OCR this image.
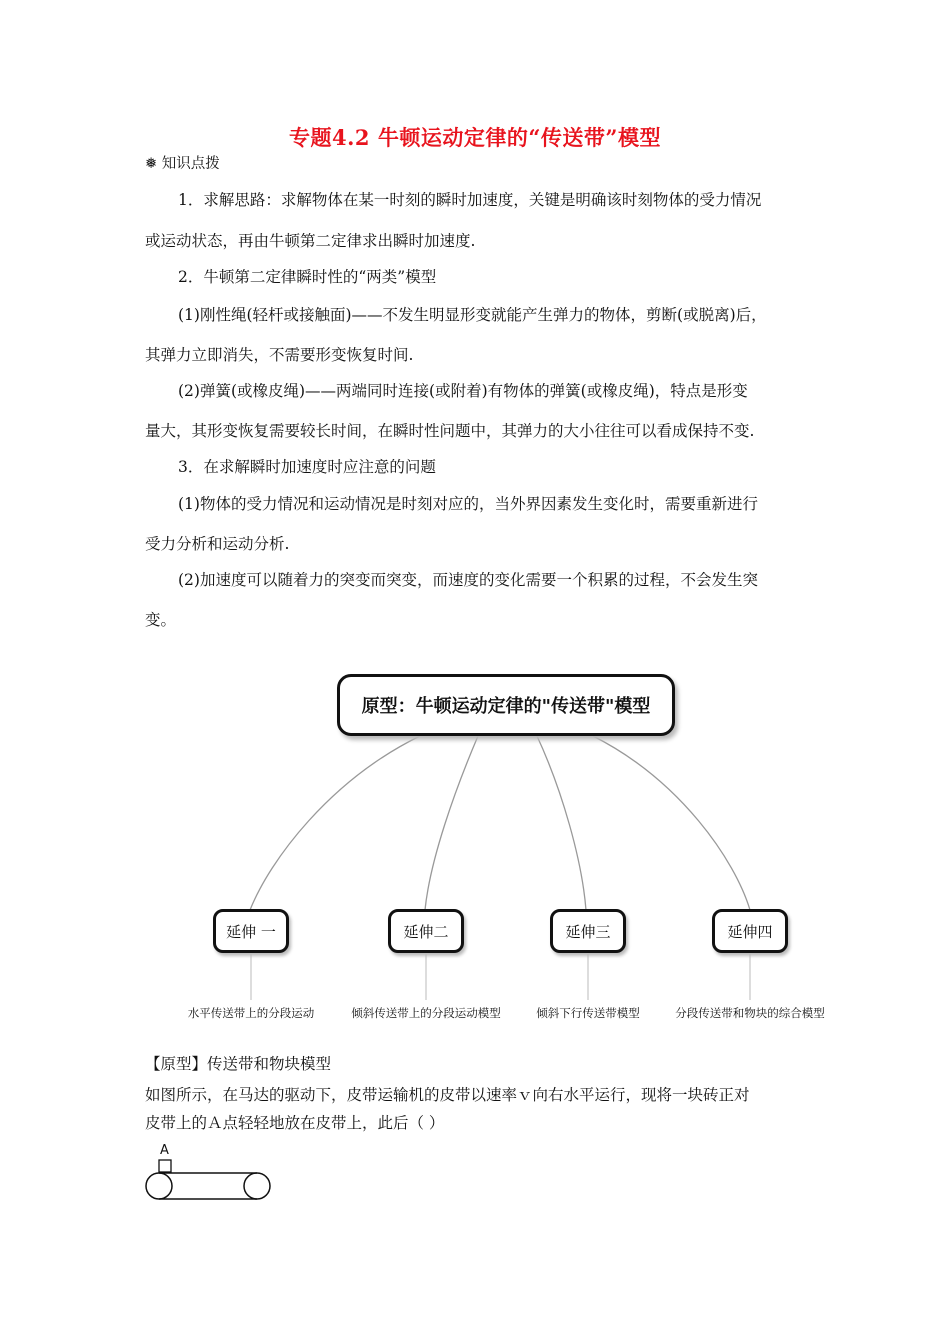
专题4.2 牛顿运动定律的“传送带”模型
❅ 知识点拨
1．求解思路：求解物体在某一时刻的瞬时加速度，关键是明确该时刻物体的受力情况
或运动状态，再由牛顿第二定律求出瞬时加速度.
2．牛顿第二定律瞬时性的“两类”模型
(1)刚性绳(轻杆或接触面)——不发生明显形变就能产生弹力的物体，剪断(或脱离)后，
其弹力立即消失，不需要形变恢复时间.
(2)弹簧(或橡皮绳)——两端同时连接(或附着)有物体的弹簧(或橡皮绳)，特点是形变
量大，其形变恢复需要较长时间，在瞬时性问题中，其弹力的大小往往可以看成保持不变.
3．在求解瞬时加速度时应注意的问题
(1)物体的受力情况和运动情况是时刻对应的，当外界因素发生变化时，需要重新进行
受力分析和运动分析.
(2)加速度可以随着力的突变而突变，而速度的变化需要一个积累的过程，不会发生突
变。
原型：牛顿运动定律的"传送带"模型
延伸 一	延伸二	延伸三	延伸四
水平传送带上的分段运动	倾斜传送带上的分段运动模型	倾斜下行传送带模型	分段传送带和物块的综合模型
【原型】传送带和物块模型
如图所示，在马达的驱动下，皮带运输机的皮带以速率ｖ向右水平运行，现将一块砖正对
皮带上的Ａ点轻轻地放在皮带上，此后（ ）
A
